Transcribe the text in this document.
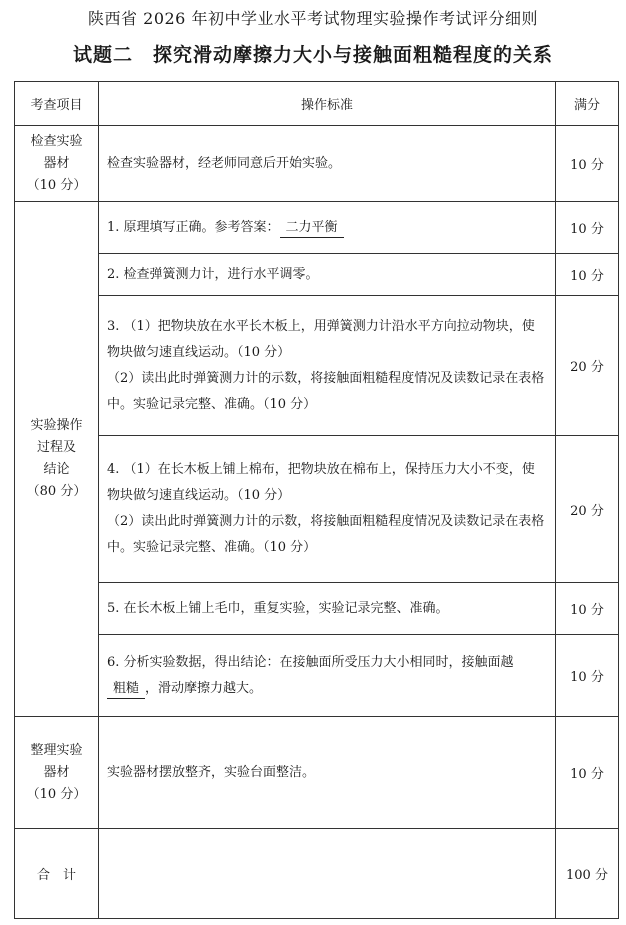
陕西省 2026 年初中学业水平考试物理实验操作考试评分细则
试题二　探究滑动摩擦力大小与接触面粗糙程度的关系
考查项目	操作标准	满分

检查实验
器材
（10 分）	检查实验器材，经老师同意后开始实验。	10 分

实验操作
过程及
结论
（80 分）	1. 原理填写正确。参考答案： 二力平衡	10 分
	2. 检查弹簧测力计，进行水平调零。	10 分

	3. （1）把物块放在水平长木板上，用弹簧测力计沿水平方向拉动物块，使物块做匀速直线运动。（10 分）
（2）读出此时弹簧测力计的示数，将接触面粗糙程度情况及读数记录在表格中。实验记录完整、准确。（10 分）	20 分

	4. （1）在长木板上铺上棉布，把物块放在棉布上，保持压力大小不变，使物块做匀速直线运动。（10 分）
（2）读出此时弹簧测力计的示数，将接触面粗糙程度情况及读数记录在表格中。实验记录完整、准确。（10 分）	20 分
	5. 在长木板上铺上毛巾，重复实验，实验记录完整、准确。	10 分
	6. 分析实验数据，得出结论：在接触面所受压力大小相同时，接触面越粗糙 ，滑动摩擦力越大。	10 分

整理实验
器材
（10 分）	实验器材摆放整齐，实验台面整洁。	10 分
合　计		100 分
